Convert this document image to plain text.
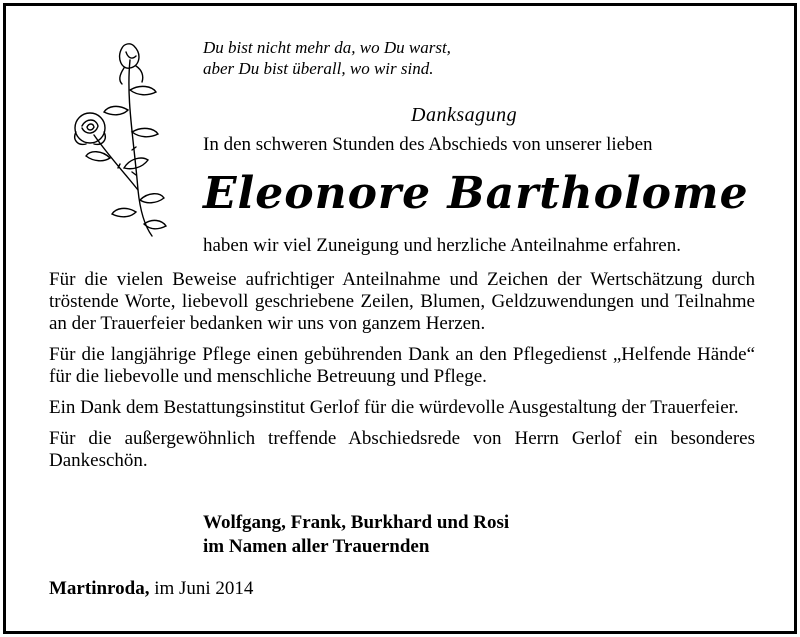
Du bist nicht mehr da, wo Du warst,
aber Du bist überall, wo wir sind.
Danksagung
In den schweren Stunden des Abschieds von unserer lieben
Eleonore Bartholome
haben wir viel Zuneigung und herzliche Anteilnahme erfahren.

Für die vielen Beweise aufrichtiger Anteilnahme und Zeichen der Wertschätzung durch tröstende Worte, liebevoll geschriebene Zeilen, Blumen, Geldzuwendungen und Teilnahme an der Trauerfeier bedanken wir uns von ganzem Herzen.

Für die langjährige Pflege einen gebührenden Dank an den Pflegedienst „Helfende Hände“ für die liebevolle und menschliche Betreuung und Pflege.

Ein Dank dem Bestattungsinstitut Gerlof für die würdevolle Ausgestaltung der Trauerfeier.

Für die außergewöhnlich treffende Abschiedsrede von Herrn Gerlof ein besonderes Dankeschön.

Wolfgang, Frank, Burkhard und Rosi
im Namen aller Trauernden
Martinroda, im Juni 2014
